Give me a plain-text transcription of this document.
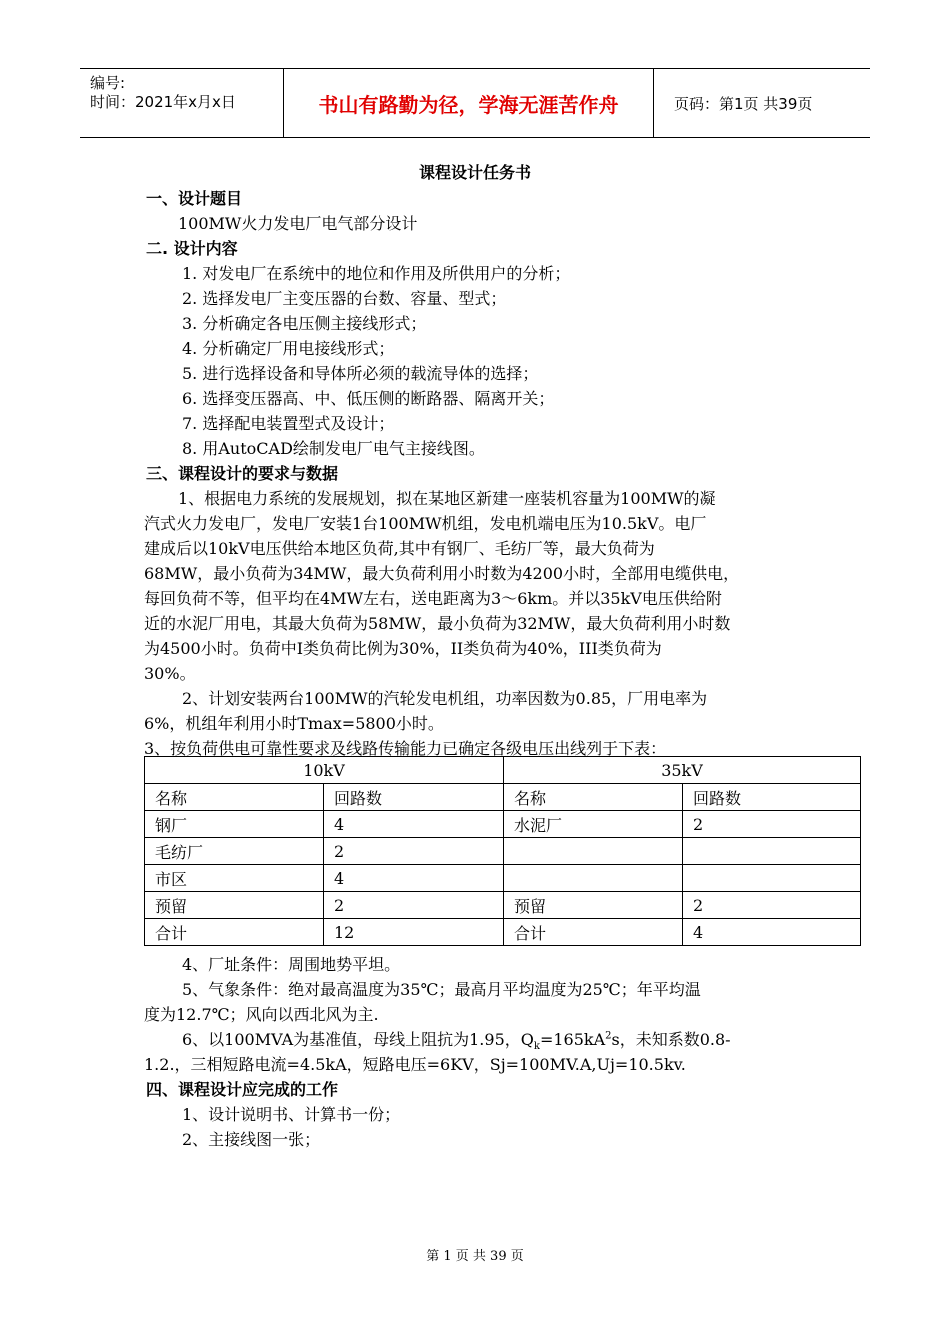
编号:
时间：2021年x月x日	书山有路勤为径，学海无涯苦作舟	页码：第1页 共39页
课程设计任务书
一、设计题目
100MW火力发电厂电气部分设计
二. 设计内容
1. 对发电厂在系统中的地位和作用及所供用户的分析；
2. 选择发电厂主变压器的台数、容量、型式；
3. 分析确定各电压侧主接线形式；
4. 分析确定厂用电接线形式；
5. 进行选择设备和导体所必须的载流导体的选择；
6. 选择变压器高、中、低压侧的断路器、隔离开关；
7. 选择配电装置型式及设计；
8. 用AutoCAD绘制发电厂电气主接线图。
三、课程设计的要求与数据
1、根据电力系统的发展规划，拟在某地区新建一座装机容量为100MW的凝
汽式火力发电厂，发电厂安装1台100MW机组，发电机端电压为10.5kV。电厂
建成后以10kV电压供给本地区负荷,其中有钢厂、毛纺厂等，最大负荷为
68MW，最小负荷为34MW，最大负荷利用小时数为4200小时，全部用电缆供电，
每回负荷不等，但平均在4MW左右，送电距离为3～6km。并以35kV电压供给附
近的水泥厂用电，其最大负荷为58MW，最小负荷为32MW，最大负荷利用小时数
为4500小时。负荷中Ⅰ类负荷比例为30%，II类负荷为40%，III类负荷为
30%。
2、计划安装两台100MW的汽轮发电机组，功率因数为0.85，厂用电率为
6%，机组年利用小时Tmax=5800小时。
3、按负荷供电可靠性要求及线路传输能力已确定各级电压出线列于下表：
10kV		35kV	
名称	回路数	名称	回路数
钢厂	4	水泥厂	2
毛纺厂	2		
市区	4		
预留	2	预留	2
合计	12	合计	4
4、厂址条件：周围地势平坦。
5、气象条件：绝对最高温度为35℃；最高月平均温度为25℃；年平均温
度为12.7℃；风向以西北风为主.
6、以100MVA为基准值，母线上阻抗为1.95，$Q_k=165kA^2s$，未知系数0.8-
1.2.，三相短路电流=4.5kA，短路电压=6KV，Sj=100MV.A,Uj=10.5kv.
四、课程设计应完成的工作
1、设计说明书、计算书一份；
2、主接线图一张；
第 1 页 共 39 页
